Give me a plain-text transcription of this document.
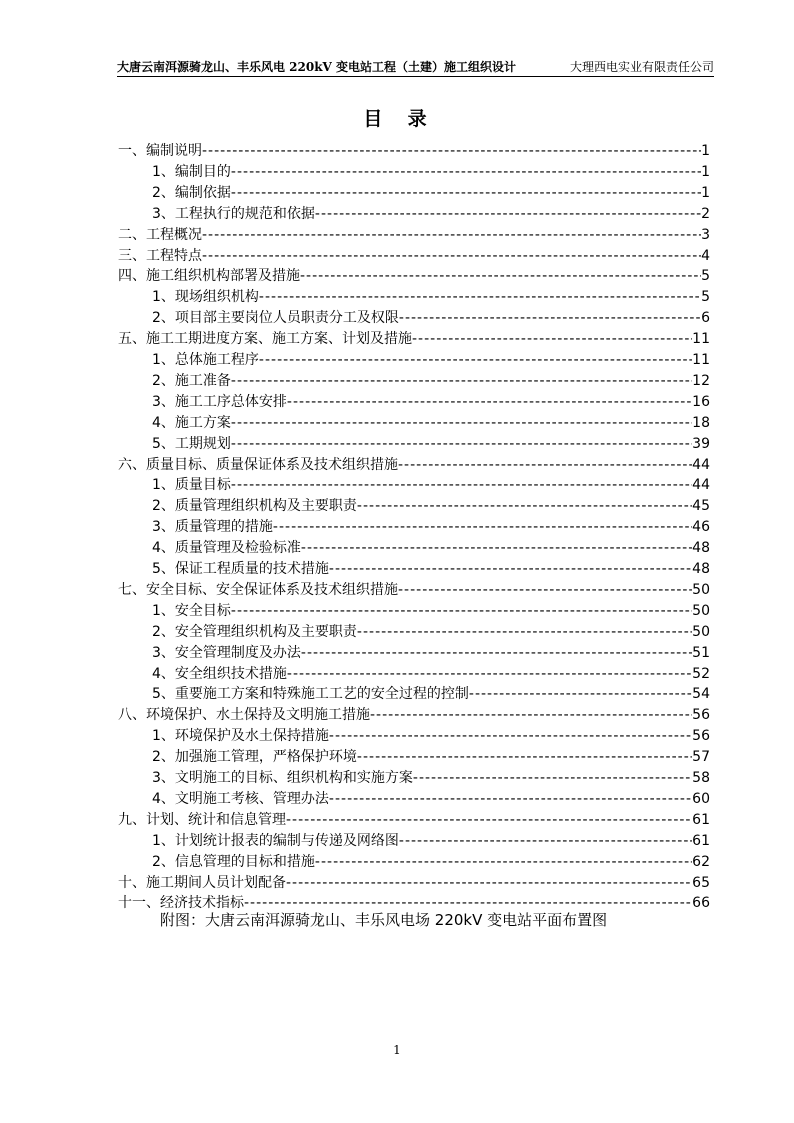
大唐云南洱源骑龙山、丰乐风电 220kV 变电站工程（土建）施工组织设计	大理西电实业有限责任公司
目  录
一、编制说明 -----	1
1、编制目的 -----	1
2、编制依据 -----	1
3、工程执行的规范和依据 -----	2
二、工程概况 -----	3
三、工程特点 -----	4
四、施工组织机构部署及措施 -----	5
1、现场组织机构 -----	5
2、项目部主要岗位人员职责分工及权限 -----	6
五、施工工期进度方案、施工方案、计划及措施 -----	11
1、总体施工程序 -----	11
2、施工准备 -----	12
3、施工工序总体安排 -----	16
4、施工方案 -----	18
5、工期规划 -----	39
六、质量目标、质量保证体系及技术组织措施 -----	44
1、质量目标 -----	44
2、质量管理组织机构及主要职责 -----	45
3、质量管理的措施 -----	46
4、质量管理及检验标准 -----	48
5、保证工程质量的技术措施 -----	48
七、安全目标、安全保证体系及技术组织措施 -----	50
1、安全目标 -----	50
2、安全管理组织机构及主要职责 -----	50
3、安全管理制度及办法 -----	51
4、安全组织技术措施 -----	52
5、重要施工方案和特殊施工工艺的安全过程的控制 -----	54
八、环境保护、水土保持及文明施工措施 -----	56
1、环境保护及水土保持措施 -----	56
2、加强施工管理，严格保护环境 -----	57
3、文明施工的目标、组织机构和实施方案 -----	58
4、文明施工考核、管理办法 -----	60
九、计划、统计和信息管理 -----	61
1、计划统计报表的编制与传递及网络图 -----	61
2、信息管理的目标和措施 -----	62
十、施工期间人员计划配备 -----	65
十一、经济技术指标 -----	66
附图：大唐云南洱源骑龙山、丰乐风电场 220kV 变电站平面布置图
1
